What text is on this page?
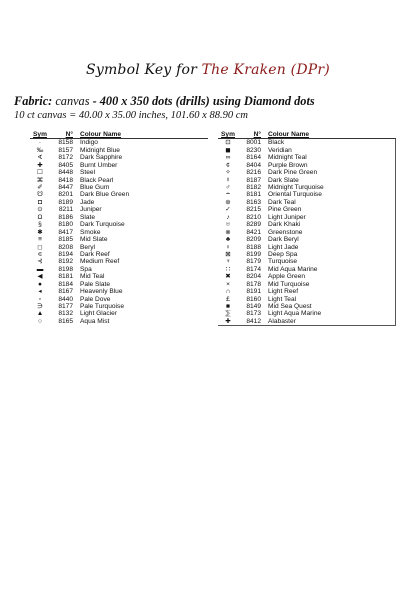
Symbol Key for The Kraken (DPr)
Fabric: canvas - 400 x 350 dots (drills) using Diamond dots
10 ct canvas = 40.00 x 35.00 inches, 101.60 x 88.90 cm
Sym	N°	Colour Name
·	8158	Indigo
‰	8157	Midnight Blue
∢	8172	Dark Sapphire
✚	8405	Burnt Umber
☐	8448	Steel
⌘	8418	Black Pearl
✐	8447	Blue Gum
☋	8201	Dark Blue Green
◘	8189	Jade
⊙	8211	Juniper
Ω	8186	Slate
§	8180	Dark Turquoise
✱	8417	Smoke
≡	8185	Mid Slate
◻	8208	Beryl
∊	8194	Dark Reef
⊰	8192	Medium Reef
▬	8198	Spa
◀	8181	Mid Teal
●	8184	Pale Slate
◂	8167	Heavenly Blue
▫	8440	Pale Dove
∋	8177	Pale Turquoise
▲	8132	Light Glacier
○	8165	Aqua Mist
Sym	N°	Colour Name
⊡	8001	Black
◼	8230	Veridian
∞	8164	Midnight Teal
¢	8404	Purple Brown
✧	8216	Dark Pine Green
☿	8187	Dark Slate
♂	8182	Midnight Turquoise
∸	8181	Oriental Turquoise
⊛	8163	Dark Teal
✓	8215	Pine Green
♪	8210	Light Juniper
♅	8289	Dark Khaki
⊗	8421	Greenstone
♣	8209	Dark Beryl
♀	8188	Light Jade
⊠	8199	Deep Spa
♆	8179	Turquoise
∷	8174	Mid Aqua Marine
✖	8204	Apple Green
×	8178	Mid Turquoise
∩	8191	Light Reef
£	8160	Light Teal
■	8149	Mid Sea Quest
⅀	8173	Light Aqua Marine
✚	8412	Alabaster
